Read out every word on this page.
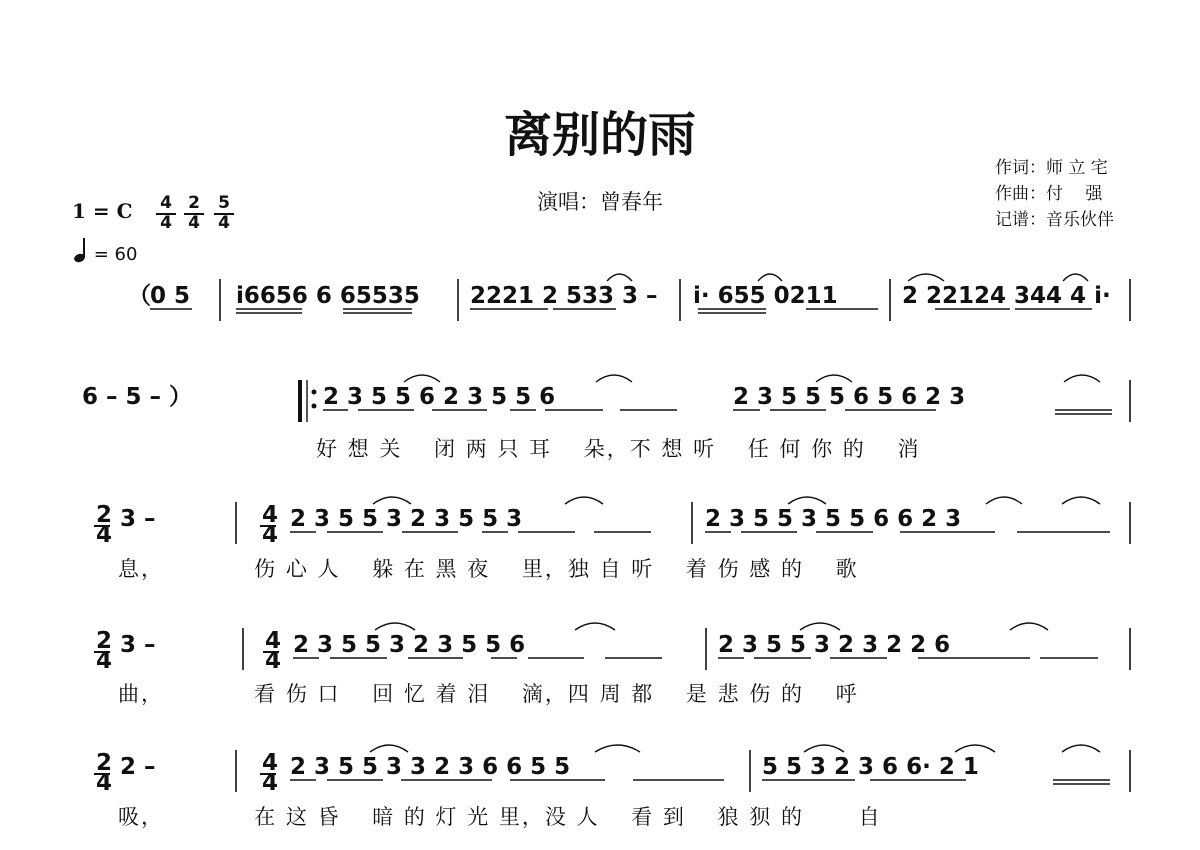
离别的雨
演唱：曾春年
作词：师 立 宅
作曲：付　 强
记谱：音乐伙伴
1 = C 4
4
2
4
5
4
= 60
（ 0 5 i6656 6 65535 2221 2 533 3 – i· 655 0211	2 22124 344 4 i·
6 – 5 – ）	2 3 5 5 6 2 3 5 5 6	2 3 5 5 5 6 5 6 2 3
好 想 关　 闭 两 只 耳　 朵，不 想 听　 任 何 你 的　 消
3 –	2 3 5 5 3 2 3 5 5 3	2 3 5 5 3 5 5 6 6 2 3
息，　　　　 伤 心 人　 躲 在 黑 夜　 里，独 自 听　 着 伤 感 的　 歌
2
4
4
4
3 –	2 3 5 5 3 2 3 5 5 6	2 3 5 5 3 2 3 2 2 6
曲，　　　　 看 伤 口　 回 忆 着 泪　 滴，四 周 都　 是 悲 伤 的　 呼
2
4
4
4
2 –	2 3 5 5 3 3 2 3 6 6 5 5	5 5 3 2 3 6 6· 2 1
吸，　　　　 在 这 昏　 暗 的 灯 光 里，没 人　 看 到　 狼 狈 的　　 自
2
4
4
4
